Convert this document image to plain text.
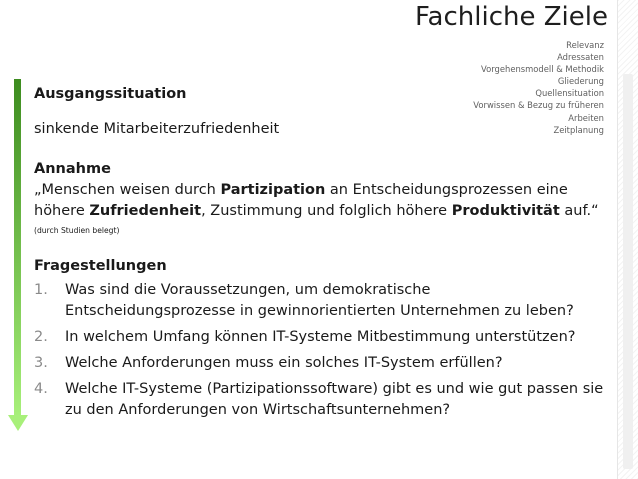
Fachliche Ziele
Relevanz
Adressaten
Vorgehensmodell & Methodik
Gliederung
Quellensituation
Vorwissen & Bezug zu früheren Arbeiten
Zeitplanung
Ausgangssituation
sinkende Mitarbeiterzufriedenheit
Annahme
„Menschen weisen durch Partizipation an Entscheidungsprozessen eine höhere Zufriedenheit, Zustimmung und folglich höhere Produktivität auf.“
(durch Studien belegt)
Fragestellungen
1.	Was sind die Voraussetzungen, um demokratische Entscheidungsprozesse in gewinnorientierten Unternehmen zu leben?
2.	In welchem Umfang können IT-Systeme Mitbestimmung unterstützen?
3.	Welche Anforderungen muss ein solches IT-System erfüllen?
4.	Welche IT-Systeme (Partizipationssoftware) gibt es und wie gut passen sie zu den Anforderungen von Wirtschaftsunternehmen?
